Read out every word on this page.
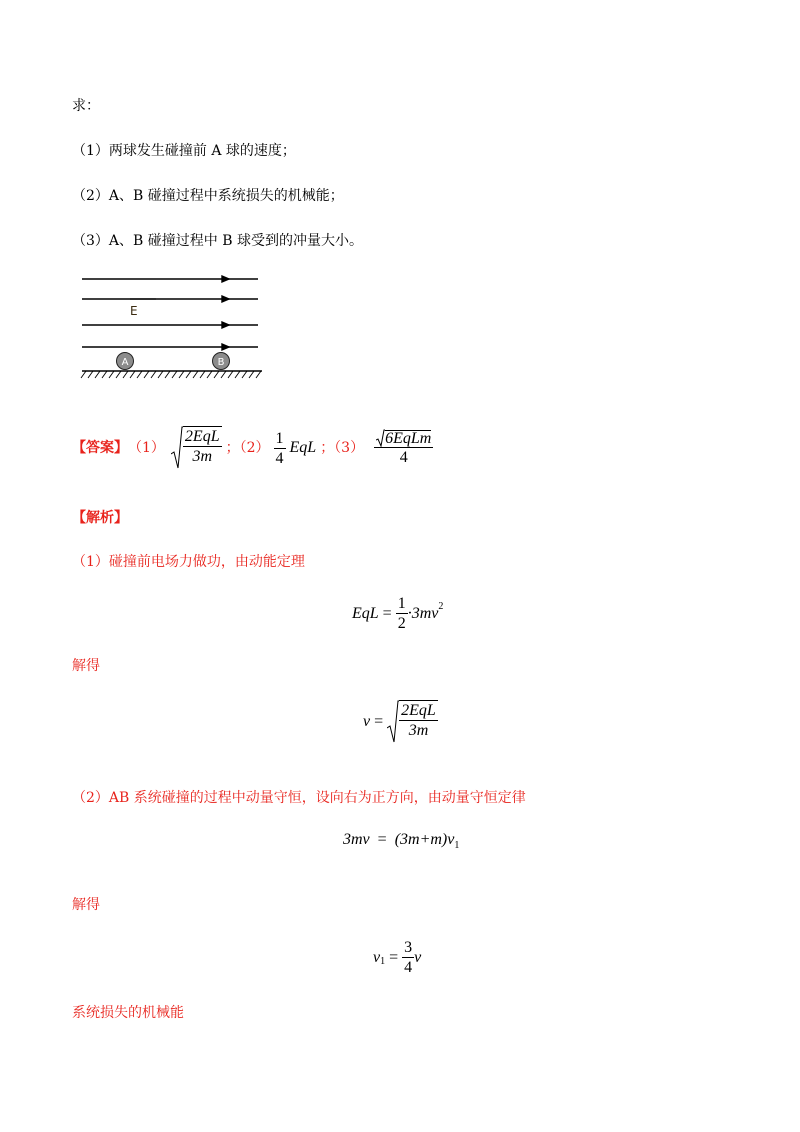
求：
（1）两球发生碰撞前 A 球的速度；
（2）A、B 碰撞过程中系统损失的机械能；
（3）A、B 碰撞过程中 B 球受到的冲量大小。
E
A	B
【答案】 $(1) \frac{\text{2EqL}}{3m}$ ；$(2) \frac{1}{4}$ EqL ；$(3) \frac{\text{6EqLm}}{4}$
【解析】
（1）碰撞前电场力做功，由动能定理
EqL = $\frac{1}{2} \cdot 3mv$ 2
解得
$v = \frac{\text{2EqL}}{3m}$
（2）AB 系统碰撞的过程中动量守恒，设向右为正方向，由动量守恒定律
$3mv = (3m+m)v_1$
解得
v $1 = \frac{3}{4}$ v
系统损失的机械能
